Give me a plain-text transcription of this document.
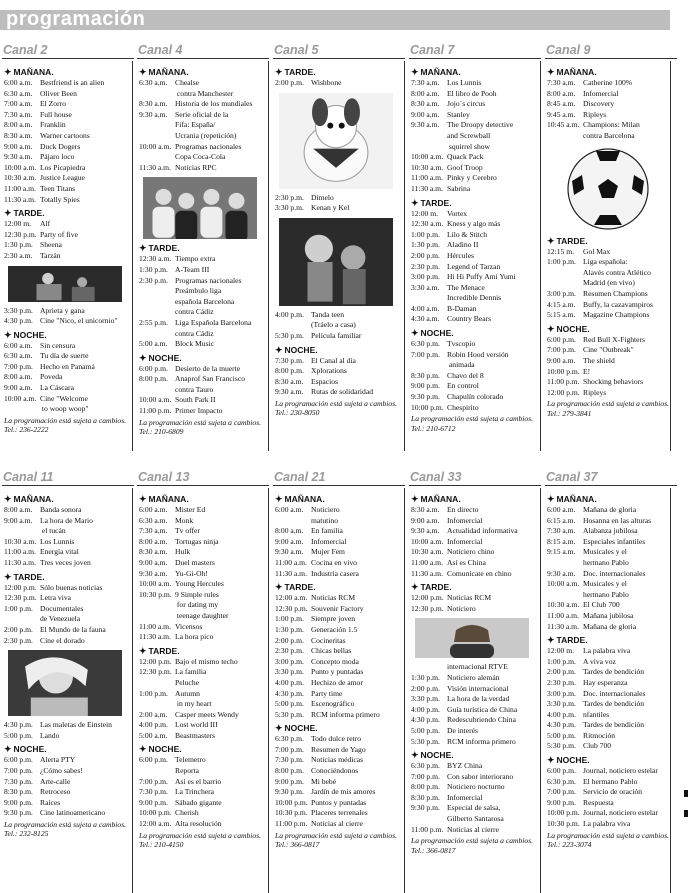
programación
Canal 2
✦ MAÑANA.
6:00 a.m. Bestfriend is an alien
6:30 a.m. Oliver Been
7:00 a.m. El Zorro
7:30 a.m. Full house
8:00 a.m. Franklin
8:30 a.m. Warner cartoons
9:00 a.m. Duck Dogers
9:30 a.m. Pájaro loco
10:00 a.m. Los Picapiedra
10:30 a.m. Justice League
11:00 a.m. Teen Titans
11:30 a.m. Totally Spies
✦ TARDE.
12:00 m.	Alf
12:30 p.m. Party of five
1:30 p.m. Sheena
2:30 a.m. Tarzán
3:30 p.m. Aprieta y gana
4:30 p.m. Cine "Nico, el unicornio"
✦ NOCHE.
6:00 a.m. Sin censura
6:30 a.m. Tu día de suerte
7:00 p.m. Hecho en Panamá
8:00 a.m. Poveda
9:00 a.m. La Cáscara
10:00 a.m. Cine "Welcome
to woop woop"
La programación está sujeta a cambios. Tel.: 236-2222
Canal 4
✦ MAÑANA.
6:30 a.m. Chealse
contra Manchester
8:30 a.m. Historia de los mundiales
9:30 a.m. Serie oficial de la
Fifa: España/
Ucrania (repetición)
10:00 a.m. Programas nacionales
Copa Coca-Cola
11:30 a.m. Noticias RPC
✦ TARDE.
12:30 a.m. Tiempo extra
1:30 p.m. A-Team III
2:30 p.m. Programas nacionales
Preámbulo liga
española Barcelona
contra Cádiz
2:55 p.m. Liga Española Barcelona
contra Cádiz
5:00 a.m. Block Music
✦ NOCHE.
6:00 p.m. Desierto de la muerte
8:00 p.m. Anaprof San Francisco
contra Tauro
10:00 a.m. South Park II
11:00 p.m. Primer Impacto
La programación está sujeta a cambios. Tel.: 210-6809
Canal 5
✦ TARDE.
2:00 p.m. Wishbone
2:30 p.m. Dímelo
3:30 p.m. Kenan y Kel
4:00 p.m. Tanda teen
(Tráelo a casa)
5:30 p.m. Película familiar
✦ NOCHE.
7:30 p.m. El Canal al día
8:00 p.m. Xplorations
8:30 a.m. Espacios
9:30 a.m. Rutas de solidaridad
La programación está sujeta a cambios. Tel.: 230-8050
Canal 7
✦ MAÑANA.
7:30 a.m. Los Lunnis
8:00 a.m. El libro de Pooh
8:30 a.m. Jojo´s circus
9:00 a.m. Stanley
9:30 a.m. The Droopy detective
and Screwball
squirrel show
10:00 a.m. Quack Pack
10:30 a.m. Goof Troop
11:00 a.m. Pinky y Cerebro
11:30 a.m. Sabrina
✦ TARDE.
12:00 m.	Vortex
12:30 a.m. Kness y algo más
1:00 p.m. Lilo & Stitch
1:30 p.m. Aladino II
2:00 p.m. Hércules
2:30 p.m. Legend of Tarzan
3:00 p.m. Hi Hi Puffy Ami Yumi
3:30 a.m. The Menace
Incredible Dennis
4:00 a.m. B-Daman
4:30 a.m. Country Bears
✦ NOCHE.
6:30 p.m. Tvscopio
7:00 p.m. Robin Hood versión
animada
8:30 p.m. Chavo del 8
9:00 p.m. En control
9:30 p.m. Chapulín colorado
10:00 p.m. Chespirito
La programación está sujeta a cambios. Tel.: 210-6712
Canal 9
✦ MAÑANA.
7:30 a.m. Catherine 100%
8:00 a.m. Infomercial
8:45 a.m. Discovery
9:45 a.m. Ripleys
10:45 a.m. Champions: Milan
contra Barcelona
✦ TARDE.
12:15 m.	Gol Max
1:00 p.m. Liga española:
Alavés contra Atlético
Madrid (en vivo)
3:00 p.m. Resumen Champions
4:15 a.m. Buffy, la cazavampiros
5:15 a.m. Magazine Champions
✦ NOCHE.
6:00 p.m. Red Bull X-Fighters
7:00 p.m. Cine "Outbreak"
9:00 a.m. The shield
10:00 p.m. E!
11:00 p.m. Shocking behaviors
12:00 p.m. Ripleys
La programación está sujeta a cambios. Tel.: 279-3841
Canal 11
✦ MAÑANA.
8:00 a.m. Banda sonora
9:00 a.m. La hora de Mario
el tucán
10:30 a.m. Los Lunnis
11:00 a.m. Energía vital
11:30 a.m. Tres veces joven
✦ TARDE.
12:00 p.m. Sólo buenas noticias
12:30 p.m. Letra viva
1:00 p.m. Documentales
de Venezuela
2:00 p.m. El Mundo de la fauna
2:30 p.m. Cine el dorado
4:30 p.m. Las maletas de Einstein
5:00 p.m. Lando
✦ NOCHE.
6:00 p.m. Alerta PTY
7:00 p.m. ¿Cómo sabes!
7:30 p.m. Arte-calle
8:30 p.m. Retroceso
9:00 p.m. Raíces
9:30 p.m. Cine latinoamericano
La programación está sujeta a cambios. Tel.: 232-8125
Canal 13
✦ MAÑANA.
6:00 a.m. Mister Ed
6:30 a.m. Monk
7:30 a.m. Tv offer
8:00 a.m. Tortugas ninja
8:30 a.m. Hulk
9:00 a.m. Duel masters
9:30 a.m. Yu-Gi-Oh!
10:00 a.m. Young Hercules
10:30 p.m. 9 Simple rules
for dating my
teenage daughter
11:00 a.m. Vicensos
11:30 a.m. La hora pico
✦ TARDE.
12:00 p.m. Bajo el mismo techo
12:30 p.m. La familia
Peluche
1:00 p.m. Autumn
in my heart
2:00 a.m. Casper meets Wendy
4:00 p.m. Lost world III
5:00 a.m. Beastmasters
✦ NOCHE.
6:00 p.m. Telemetro
Reporta
7:00 p.m. Así es el barrio
7:30 p.m. La Trinchera
9:00 p.m. Sábado gigante
10:00 p.m. Cherish
12:00 a.m. Alta resolución
La programación está sujeta a cambios. Tel.: 210-4150
Canal 21
✦ MAÑANA.
6:00 a.m. Noticiero
matutino
8:00 a.m. En familia
9:00 a.m. Infomercial
9:30 a.m. Mujer Fem
11:00 a.m. Cocina en vivo
11:30 a.m. Industria casera
✦ TARDE.
12:00 a.m. Noticias RCM
12:30 p.m. Souvenir Factory
1:00 p.m. Siempre joven
1:30 p.m. Generación 1.5
2:00 p.m. Cocineritas
2:30 p.m. Chicas bellas
3:00 p.m. Concepto moda
3:30 p.m. Punto y puntadas
4:00 p.m. Hechizo de amor
4:30 p.m. Party time
5:00 p.m. Escenográfico
5:30 p.m. RCM informa primero
✦ NOCHE.
6:30 p.m. Todo dulce retro
7:00 p.m. Resumen de Yago
7:30 p.m. Noticias médicas
8:00 p.m. Conociéndonos
9:00 p.m. Mi bebé
9:30 p.m. Jardín de mis amores
10:00 p.m. Puntos y puntadas
10:30 p.m. Placeres terrenales
11:00 p.m. Noticias al cierre
La programación está sujeta a cambios. Tel.: 366-0817
Canal 33
✦ MAÑANA.
8:30 a.m. En directo
9:00 a.m. Infomercial
9:30 a.m. Actualidad informativa
10:00 a.m. Infomercial
10:30 a.m. Noticiero chino
11:00 a.m. Así es China
11:30 a.m. Comunícate en chino
✦ TARDE.
12:00 p.m. Noticias RCM
12:30 p.m. Noticiero
internacional RTVE
1:30 p.m. Noticiero alemán
2:00 p.m. Visión internacional
3:30 p.m. La hora de la verdad
4:00 p.m. Guía turística de China
4:30 p.m. Redescubriendo China
5:00 p.m. De interés
5:30 p.m. RCM informa primero
✦ NOCHE.
6:30 p.m. BYZ China
7:00 p.m. Con sabor interiorano
8:00 p.m. Noticiero nocturno
8:30 p.m. Infomercial
9:30 p.m. Especial de salsa,
Gilberto Santarosa
11:00 p.m. Noticias al cierre
La programación está sujeta a cambios. Tel.: 366-0817
Canal 37
✦ MAÑANA.
6:00 a.m. Mañana de gloria
6:15 a.m. Hosanna en las alturas
7:30 a.m. Alabanza jubilosa
8:15 a.m. Especiales infantiles
9:15 a.m. Musicales y el
hermano Pablo
9:30 a.m. Doc. internacionales
10:00 a.m. Musicales y el
hermano Pablo
10:30 a.m. El Club 700
11:00 a.m. Mañana jubilosa
11:30 a.m. Mañana de gloria
✦ TARDE.
12:00 m.	La palabra viva
1:00 p.m. A viva voz
2:00 p.m. Tardes de bendición
2:30 p.m. Hay esperanza
3:00 p.m. Doc. internacionales
3:30 p.m. Tardes de bendición
4:00 p.m. nfantiles
4:30 p.m. Tardes de bendición
5:00 p.m. Ritmoción
5:30 p.m. Club 700
✦ NOCHE.
6:00 p.m. Journal, noticiero estelar
6:30 p.m. El hermano Pablo
7:00 p.m. Servicio de oración
9:00 p.m. Respuesta
10:00 p.m. Journal, noticiero estelar
10:30 p.m. La palabra viva
La programación está sujeta a cambios. Tel.: 223-3074
